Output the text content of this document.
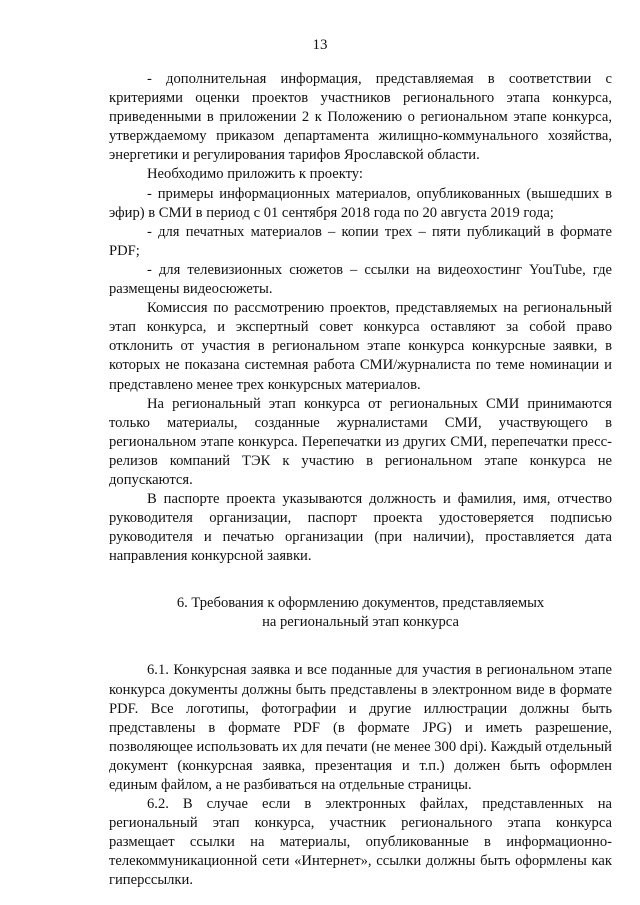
13

- дополнительная информация, представляемая в соответствии с критериями оценки проектов участников регионального этапа конкурса, приведенными в приложении 2 к Положению о региональном этапе конкурса, утверждаемому приказом департамента жилищно-коммунального хозяйства, энергетики и регулирования тарифов Ярославской области.

Необходимо приложить к проекту:

- примеры информационных материалов, опубликованных (вышедших в эфир) в СМИ в период с 01 сентября 2018 года по 20 августа 2019 года;

- для печатных материалов – копии трех – пяти публикаций в формате PDF;

- для телевизионных сюжетов – ссылки на видеохостинг YouTube, где размещены видеосюжеты.

Комиссия по рассмотрению проектов, представляемых на региональный этап конкурса, и экспертный совет конкурса оставляют за собой право отклонить от участия в региональном этапе конкурса конкурсные заявки, в которых не показана системная работа СМИ/журналиста по теме номинации и представлено менее трех конкурсных материалов.

На региональный этап конкурса от региональных СМИ принимаются только материалы, созданные журналистами СМИ, участвующего в региональном этапе конкурса. Перепечатки из других СМИ, перепечатки пресс-релизов компаний ТЭК к участию в региональном этапе конкурса не допускаются.

В паспорте проекта указываются должность и фамилия, имя, отчество руководителя организации, паспорт проекта удостоверяется подписью руководителя и печатью организации (при наличии), проставляется дата направления конкурсной заявки.

6. Требования к оформлению документов, представляемых
на региональный этап конкурса

6.1. Конкурсная заявка и все поданные для участия в региональном этапе конкурса документы должны быть представлены в электронном виде в формате PDF. Все логотипы, фотографии и другие иллюстрации должны быть представлены в формате PDF (в формате JPG) и иметь разрешение, позволяющее использовать их для печати (не менее 300 dpi). Каждый отдельный документ (конкурсная заявка, презентация и т.п.) должен быть оформлен единым файлом, а не разбиваться на отдельные страницы.

6.2. В случае если в электронных файлах, представленных на региональный этап конкурса, участник регионального этапа конкурса размещает ссылки на материалы, опубликованные в информационно-телекоммуникационной сети «Интернет», ссылки должны быть оформлены как гиперссылки.
